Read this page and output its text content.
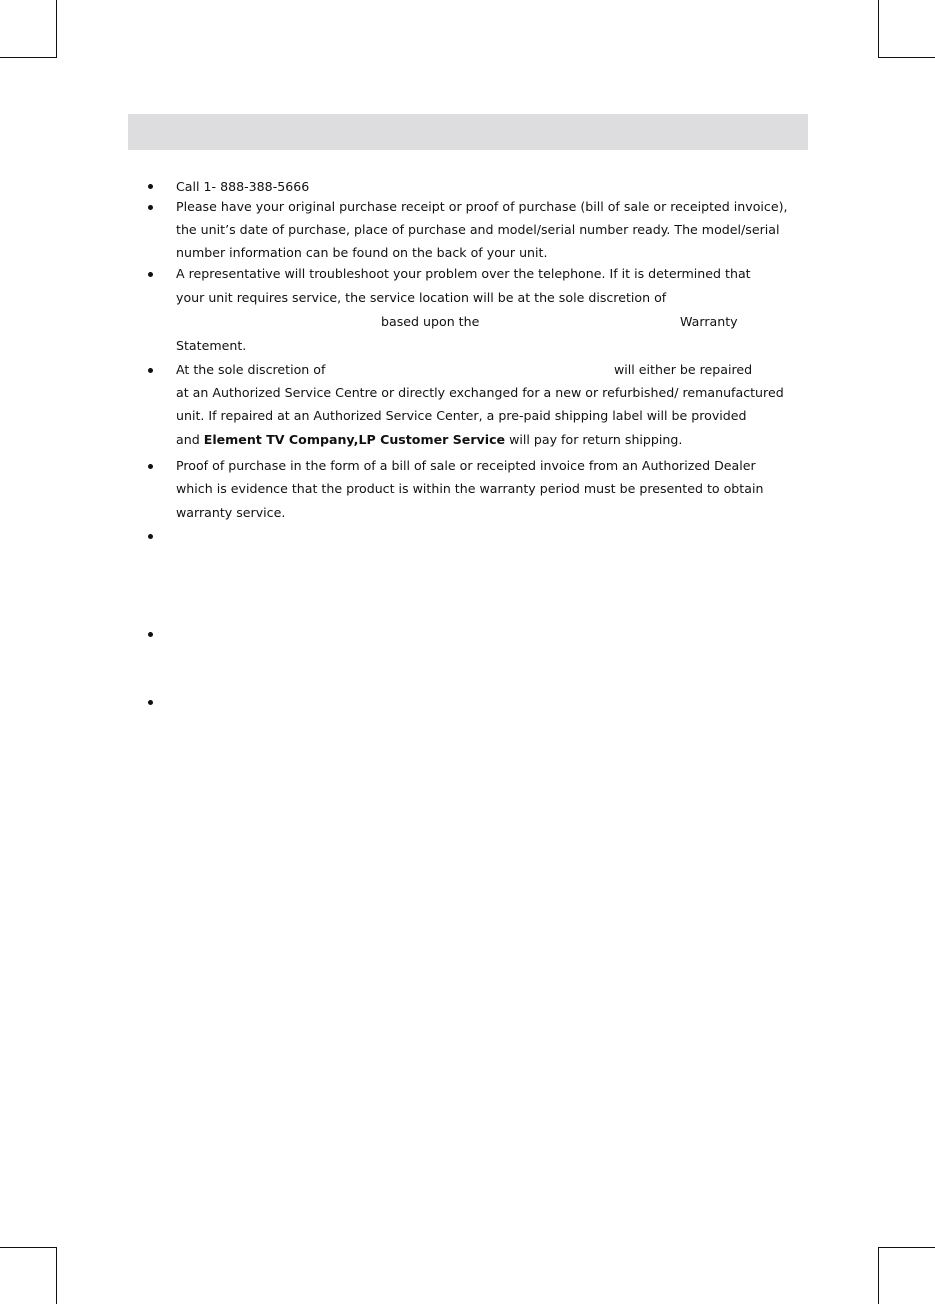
Call 1- 888-388-5666
Please have your original purchase receipt or proof of purchase (bill of sale or receipted invoice),
the unit’s date of purchase, place of purchase and model/serial number ready. The model/serial
number information can be found on the back of your unit.
A representative will troubleshoot your problem over the telephone. If it is determined that
your unit requires service, the service location will be at the sole discretion of
based upon the	Warranty
Statement.
At the sole discretion of	will either be repaired
at an Authorized Service Centre or directly exchanged for a new or refurbished/ remanufactured
unit. If repaired at an Authorized Service Center, a pre-paid shipping label will be provided
and Element TV Company,LP Customer Service will pay for return shipping.
Proof of purchase in the form of a bill of sale or receipted invoice from an Authorized Dealer
which is evidence that the product is within the warranty period must be presented to obtain
warranty service.
